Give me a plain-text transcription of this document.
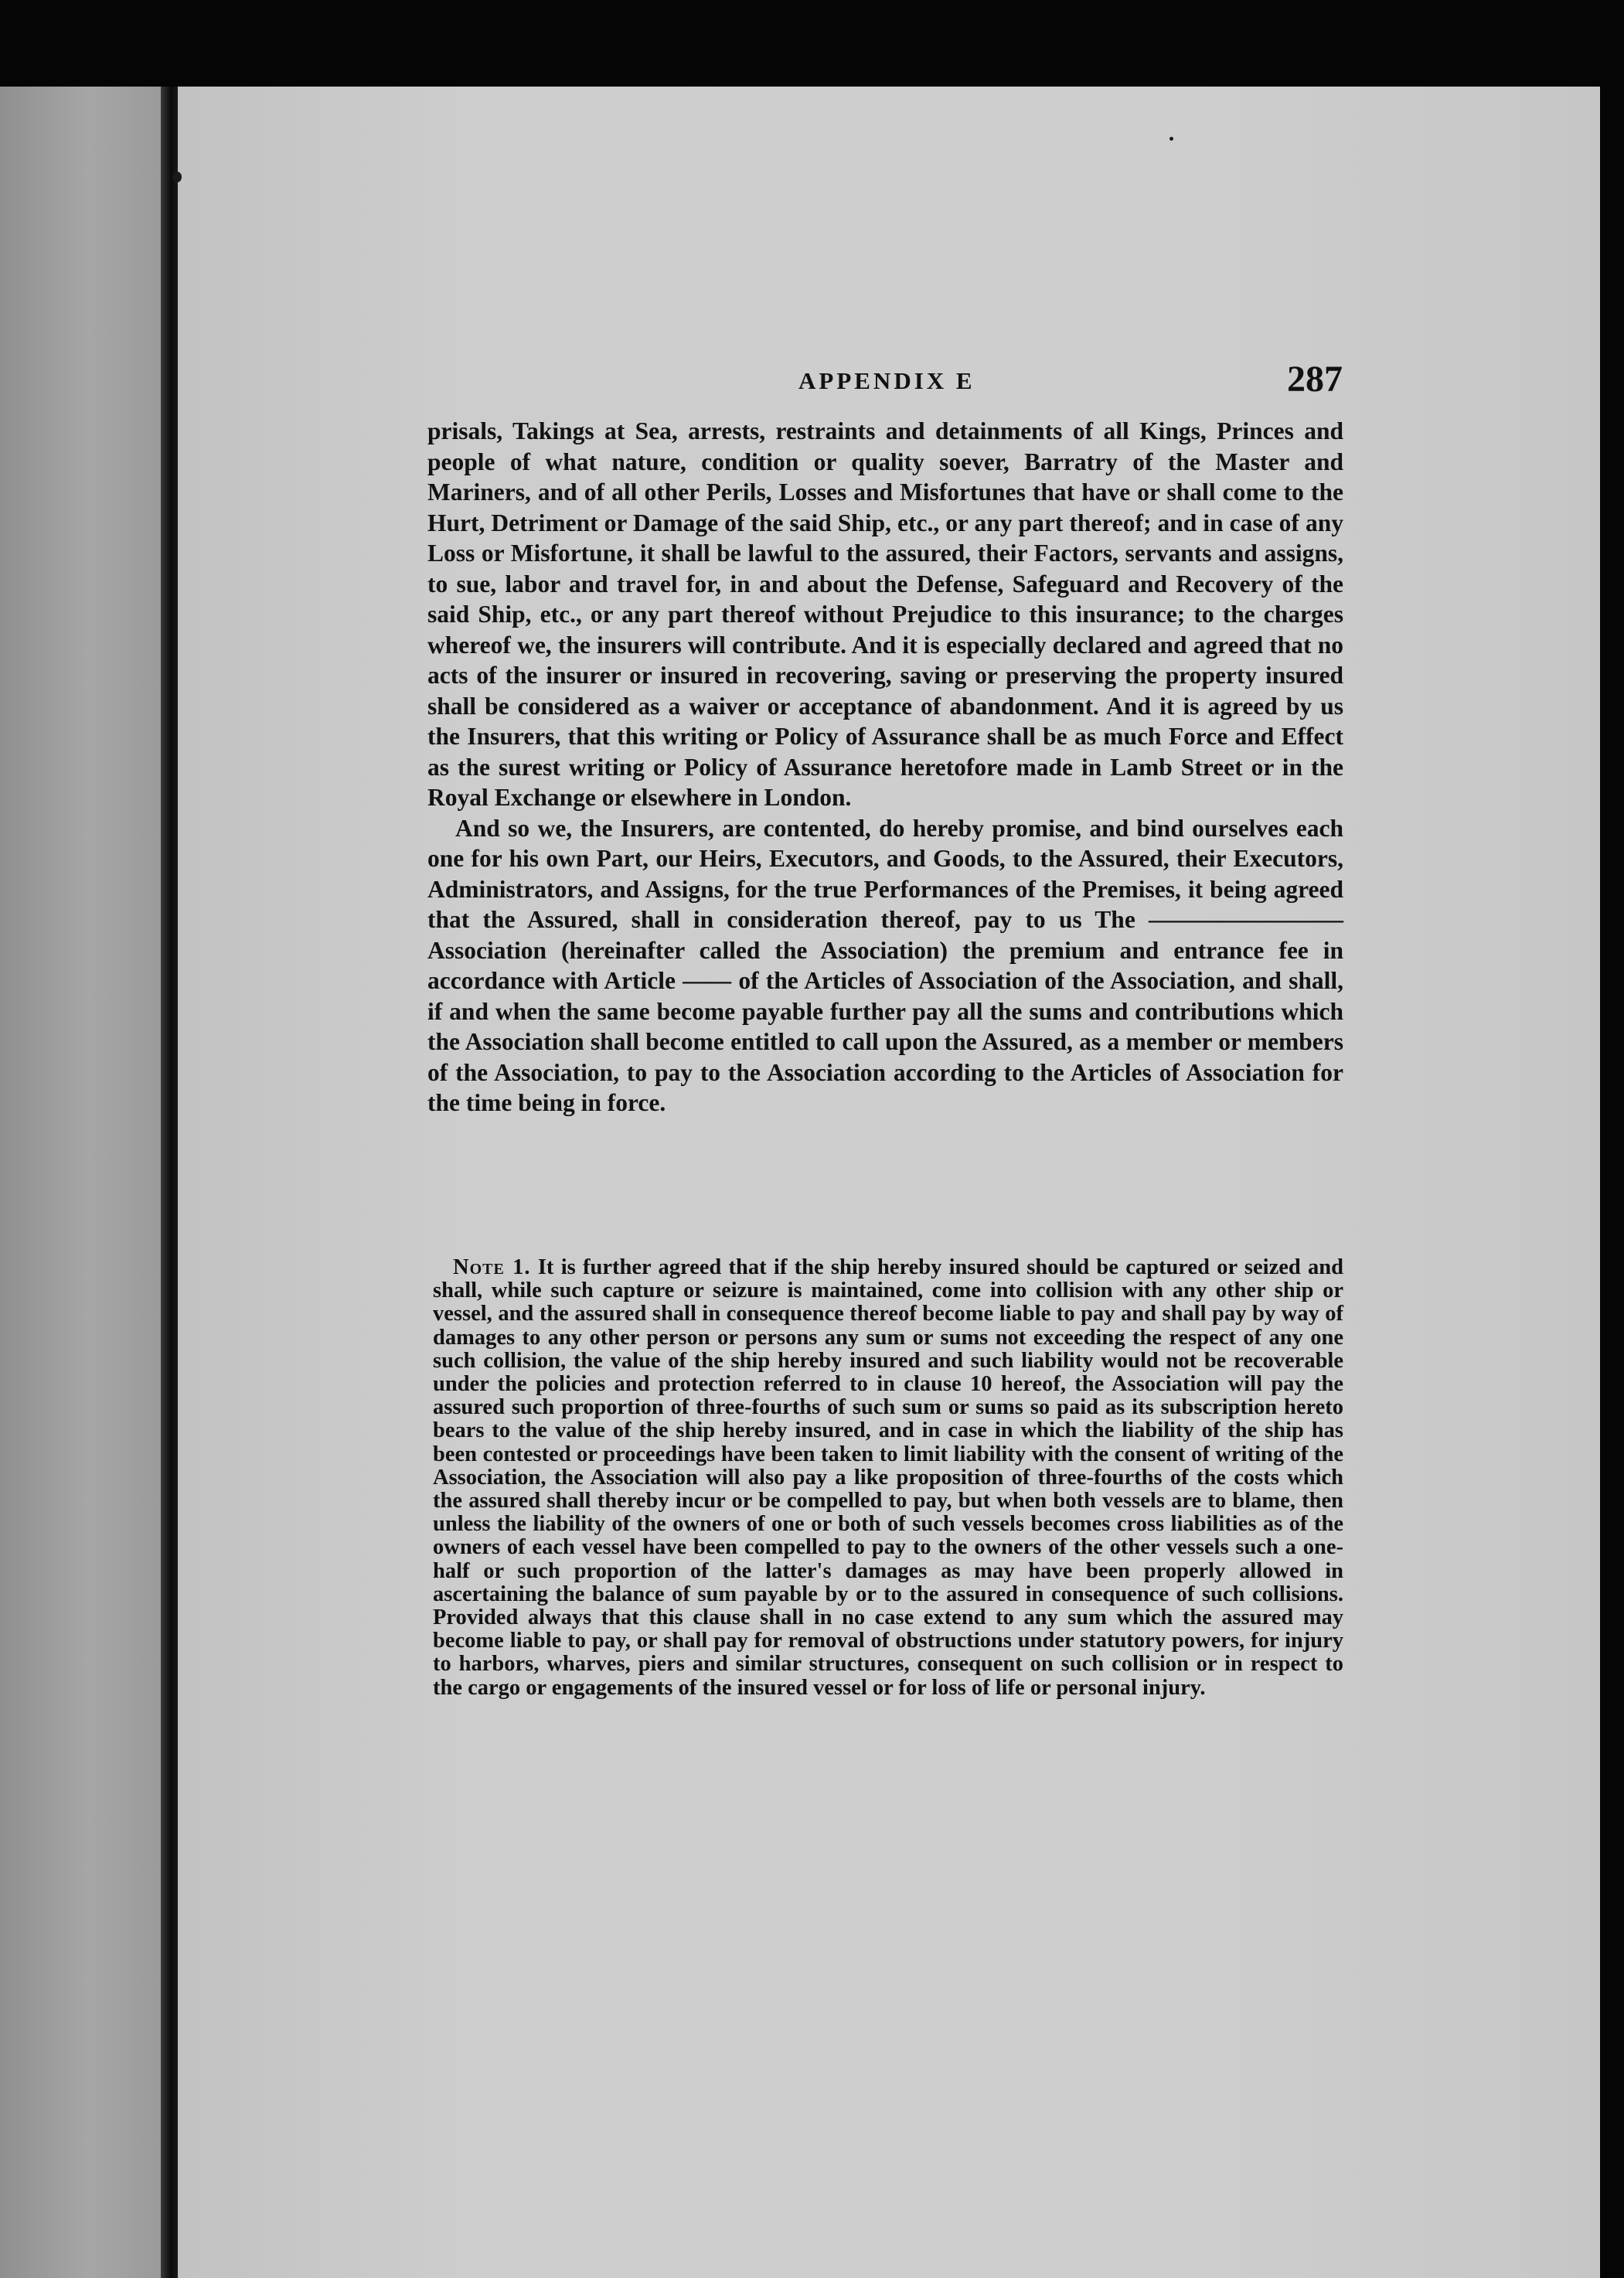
APPENDIX E	287

prisals, Takings at Sea, arrests, restraints and detainments of all Kings, Princes and people of what nature, condition or quality soever, Barratry of the Master and Mariners, and of all other Perils, Losses and Misfortunes that have or shall come to the Hurt, Detriment or Damage of the said Ship, etc., or any part thereof; and in case of any Loss or Misfortune, it shall be lawful to the assured, their Factors, servants and assigns, to sue, labor and travel for, in and about the Defense, Safeguard and Recovery of the said Ship, etc., or any part thereof without Prejudice to this insurance; to the charges whereof we, the insurers will contribute. And it is especially declared and agreed that no acts of the insurer or insured in recovering, saving or preserving the property insured shall be considered as a waiver or acceptance of abandonment. And it is agreed by us the Insurers, that this writing or Policy of Assurance shall be as much Force and Effect as the surest writing or Policy of Assurance heretofore made in Lamb Street or in the Royal Exchange or elsewhere in London.

And so we, the Insurers, are contented, do hereby promise, and bind ourselves each one for his own Part, our Heirs, Executors, and Goods, to the Assured, their Executors, Administrators, and Assigns, for the true Performances of the Premises, it being agreed that the Assured, shall in consideration thereof, pay to us The ———————— Association (hereinafter called the Association) the premium and entrance fee in accordance with Article —— of the Articles of Association of the Association, and shall, if and when the same become payable further pay all the sums and contributions which the Association shall become entitled to call upon the Assured, as a member or members of the Association, to pay to the Association according to the Articles of Association for the time being in force.

Note 1. It is further agreed that if the ship hereby insured should be captured or seized and shall, while such capture or seizure is maintained, come into collision with any other ship or vessel, and the assured shall in consequence thereof become liable to pay and shall pay by way of damages to any other person or persons any sum or sums not exceeding the respect of any one such collision, the value of the ship hereby insured and such liability would not be recoverable under the policies and protection referred to in clause 10 hereof, the Association will pay the assured such proportion of three-fourths of such sum or sums so paid as its subscription hereto bears to the value of the ship hereby insured, and in case in which the liability of the ship has been contested or proceedings have been taken to limit liability with the consent of writing of the Association, the Association will also pay a like proposition of three-fourths of the costs which the assured shall thereby incur or be compelled to pay, but when both vessels are to blame, then unless the liability of the owners of one or both of such vessels becomes cross liabilities as of the owners of each vessel have been compelled to pay to the owners of the other vessels such a one-half or such proportion of the latter's damages as may have been properly allowed in ascertaining the balance of sum payable by or to the assured in consequence of such collisions. Provided always that this clause shall in no case extend to any sum which the assured may become liable to pay, or shall pay for removal of obstructions under statutory powers, for injury to harbors, wharves, piers and similar structures, consequent on such collision or in respect to the cargo or engagements of the insured vessel or for loss of life or personal injury.
